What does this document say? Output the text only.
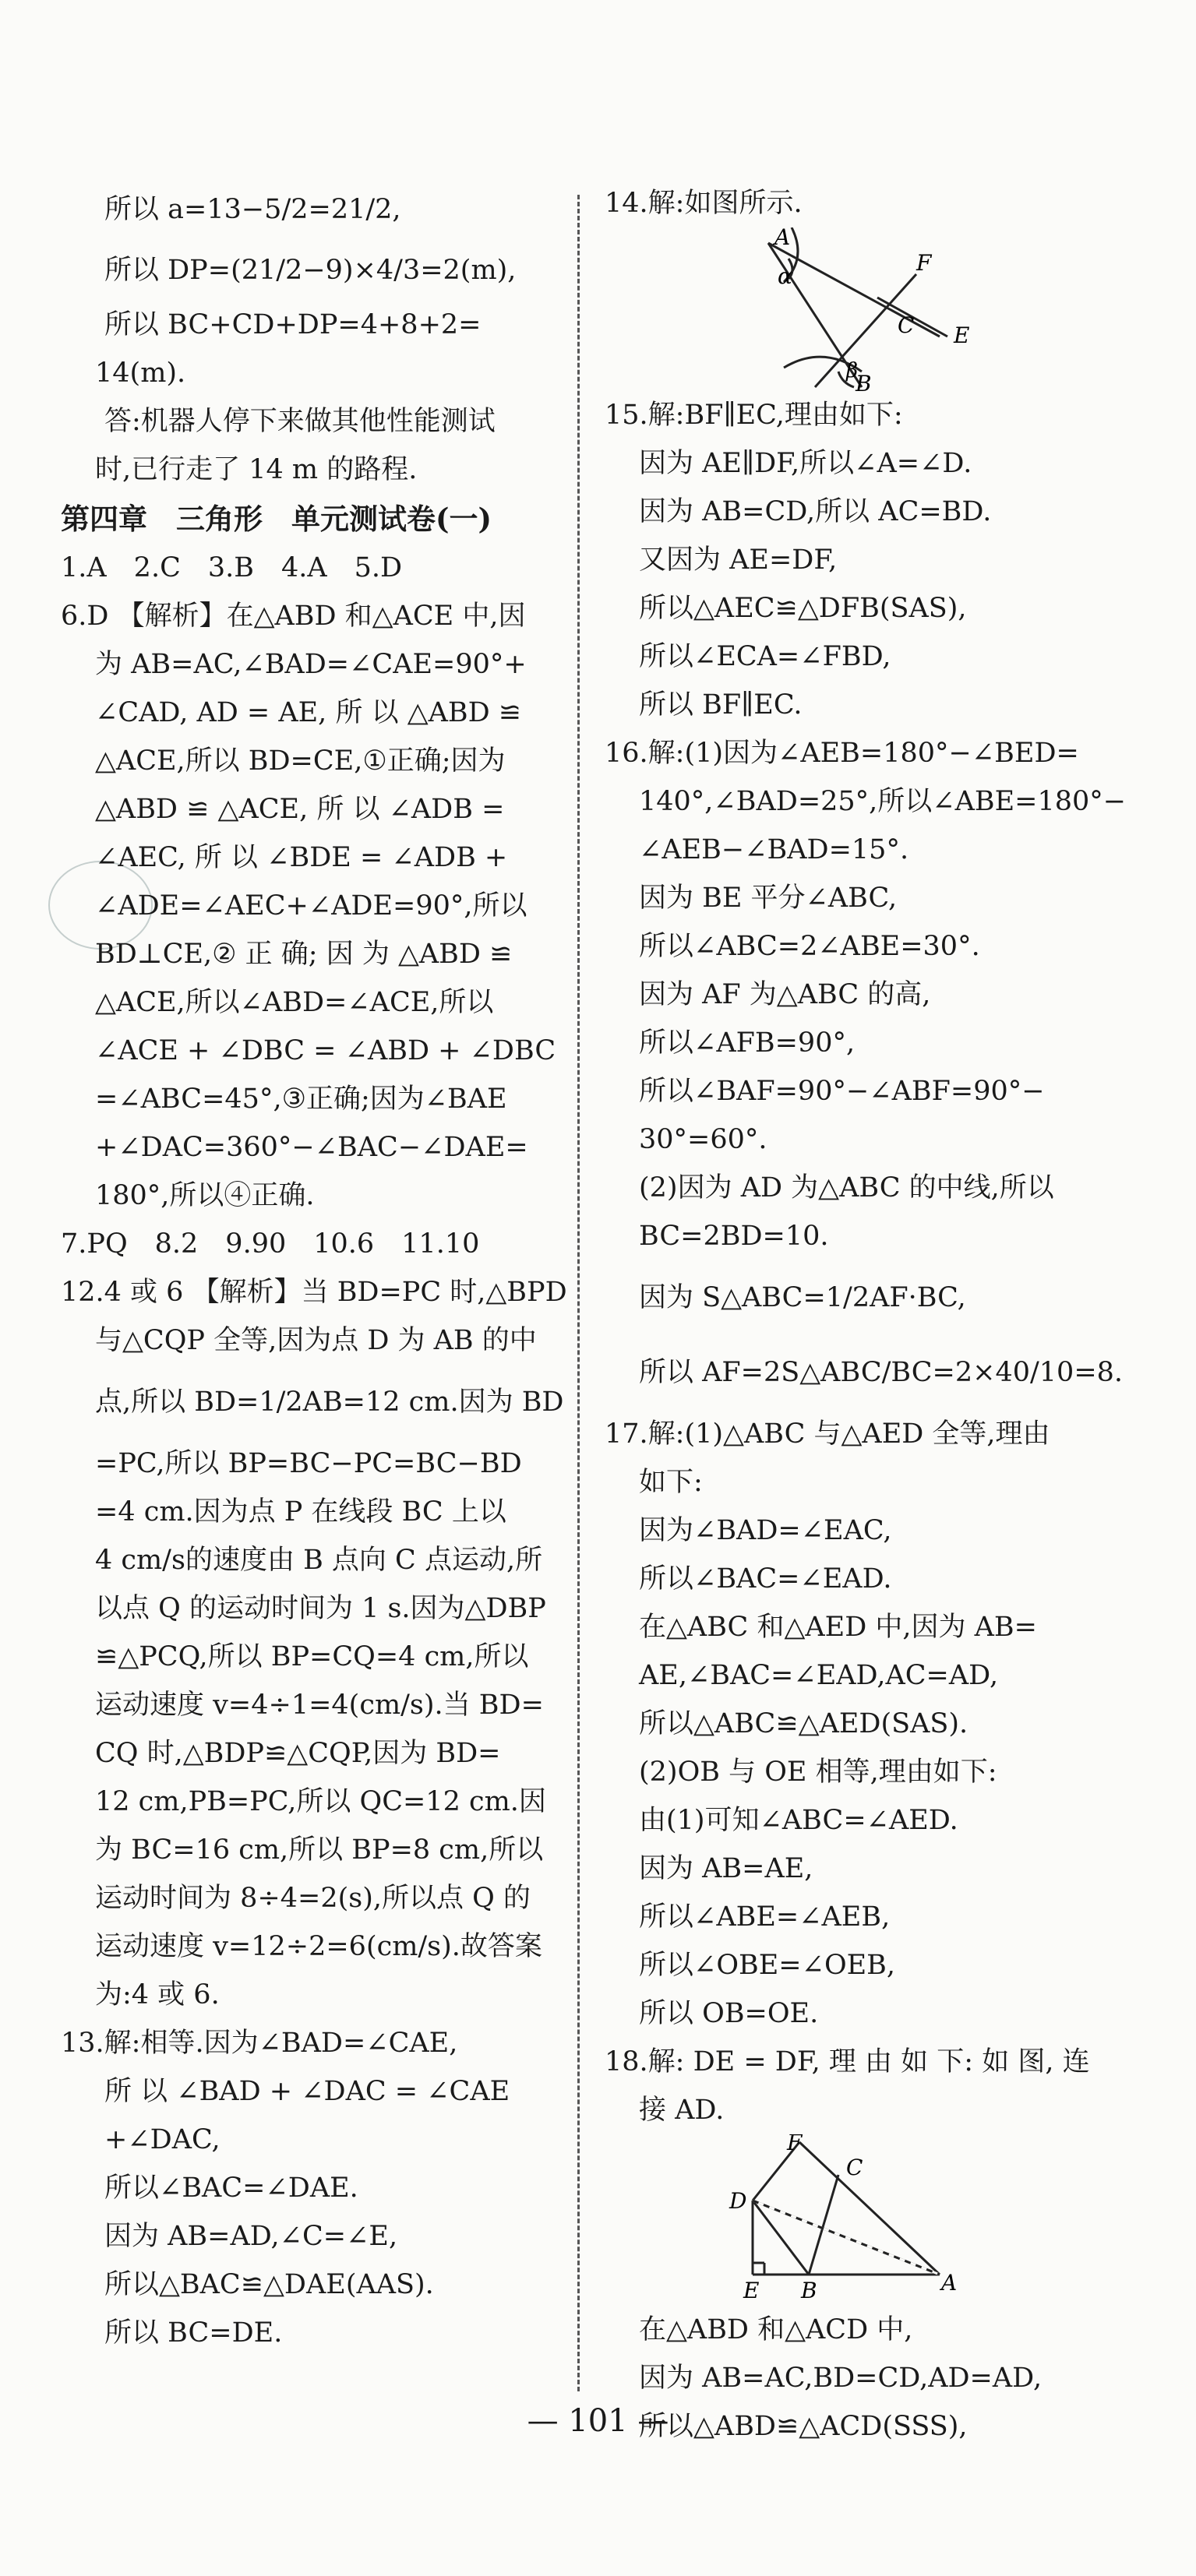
所以 a=13−5/2=21/2,
所以 DP=(21/2−9)×4/3=2(m),
所以 BC+CD+DP=4+8+2=
14(m).
答:机器人停下来做其他性能测试
时,已行走了 14 m 的路程.
第四章　三角形　单元测试卷(一)
1.A　2.C　3.B　4.A　5.D
6.D 【解析】在△ABD 和△ACE 中,因
为 AB=AC,∠BAD=∠CAE=90°+
∠CAD, AD = AE, 所 以 △ABD ≌
△ACE,所以 BD=CE,①正确;因为
△ABD ≌ △ACE, 所 以 ∠ADB =
∠AEC, 所 以 ∠BDE = ∠ADB +
∠ADE=∠AEC+∠ADE=90°,所以
BD⊥CE,② 正 确; 因 为 △ABD ≌
△ACE,所以∠ABD=∠ACE,所以
∠ACE + ∠DBC = ∠ABD + ∠DBC
=∠ABC=45°,③正确;因为∠BAE
+∠DAC=360°−∠BAC−∠DAE=
180°,所以④正确.
7.PQ　8.2　9.90　10.6　11.10
12.4 或 6 【解析】当 BD=PC 时,△BPD
与△CQP 全等,因为点 D 为 AB 的中
点,所以 BD=1/2AB=12 cm.因为 BD
=PC,所以 BP=BC−PC=BC−BD
=4 cm.因为点 P 在线段 BC 上以
4 cm/s的速度由 B 点向 C 点运动,所
以点 Q 的运动时间为 1 s.因为△DBP
≌△PCQ,所以 BP=CQ=4 cm,所以
运动速度 v=4÷1=4(cm/s).当 BD=
CQ 时,△BDP≌△CQP,因为 BD=
12 cm,PB=PC,所以 QC=12 cm.因
为 BC=16 cm,所以 BP=8 cm,所以
运动时间为 8÷4=2(s),所以点 Q 的
运动速度 v=12÷2=6(cm/s).故答案
为:4 或 6.
13.解:相等.因为∠BAD=∠CAE,
所 以 ∠BAD + ∠DAC = ∠CAE
+∠DAC,
所以∠BAC=∠DAE.
因为 AB=AD,∠C=∠E,
所以△BAC≌△DAE(AAS).
所以 BC=DE.
14.解:如图所示.
A
α
F
C E
β
B
15.解:BF∥EC,理由如下:
因为 AE∥DF,所以∠A=∠D.
因为 AB=CD,所以 AC=BD.
又因为 AE=DF,
所以△AEC≌△DFB(SAS),
所以∠ECA=∠FBD,
所以 BF∥EC.
16.解:(1)因为∠AEB=180°−∠BED=
140°,∠BAD=25°,所以∠ABE=180°−
∠AEB−∠BAD=15°.
因为 BE 平分∠ABC,
所以∠ABC=2∠ABE=30°.
因为 AF 为△ABC 的高,
所以∠AFB=90°,
所以∠BAF=90°−∠ABF=90°−
30°=60°.
(2)因为 AD 为△ABC 的中线,所以
BC=2BD=10.
因为 S△ABC=1/2AF·BC,
所以 AF=2S△ABC/BC=2×40/10=8.
17.解:(1)△ABC 与△AED 全等,理由
如下:
因为∠BAD=∠EAC,
所以∠BAC=∠EAD.
在△ABC 和△AED 中,因为 AB=
AE,∠BAC=∠EAD,AC=AD,
所以△ABC≌△AED(SAS).
(2)OB 与 OE 相等,理由如下:
由(1)可知∠ABC=∠AED.
因为 AB=AE,
所以∠ABE=∠AEB,
所以∠OBE=∠OEB,
所以 OB=OE.
18.解: DE = DF, 理 由 如 下: 如 图, 连
接 AD.
F
C
D
E B	A
在△ABD 和△ACD 中,
因为 AB=AC,BD=CD,AD=AD,
所以△ABD≌△ACD(SSS),
— 101 —
